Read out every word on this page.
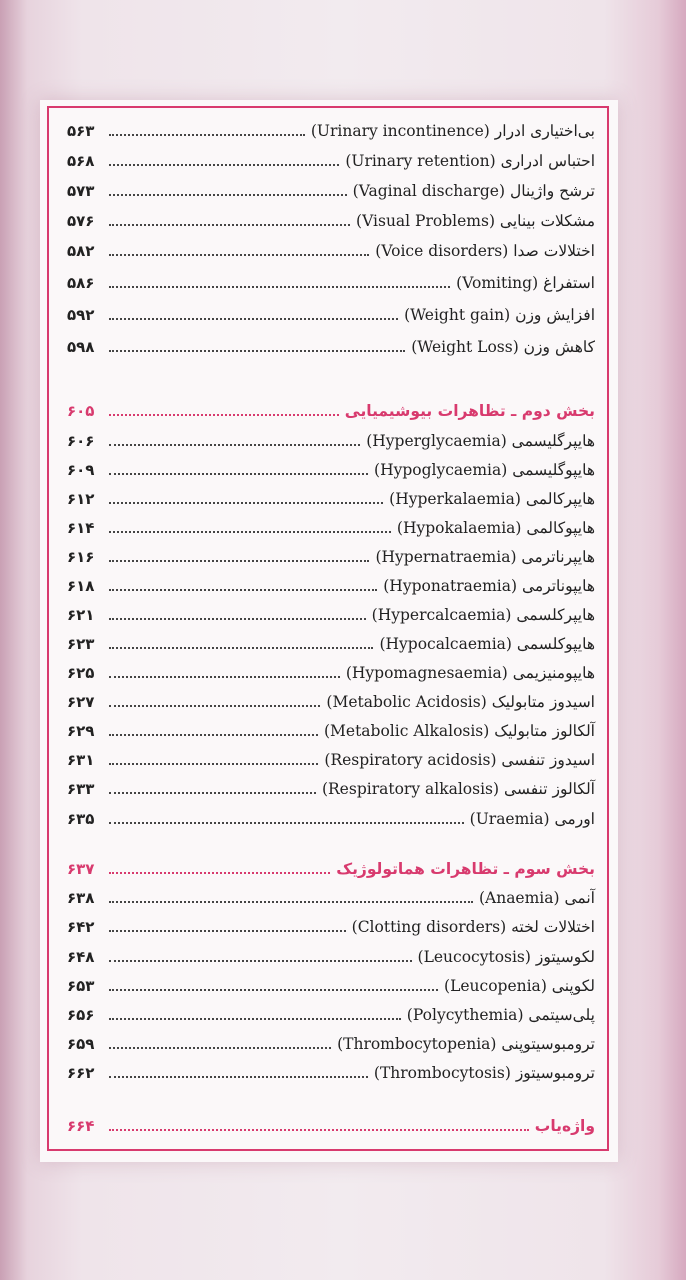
بی‌اختیاری ادرار (Urinary incontinence)
۵۶۳
احتباس ادراری (Urinary retention)
۵۶۸
ترشح واژینال (Vaginal discharge)
۵۷۳
مشکلات بینایی (Visual Problems)
۵۷۶
اختلالات صدا (Voice disorders)
۵۸۲
استفراغ (Vomiting)
۵۸۶
افزایش وزن (Weight gain)
۵۹۲
کاهش وزن (Weight Loss)
۵۹۸
بخش دوم ـ تظاهرات بیوشیمیایی
۶۰۵
هایپرگلیسمی (Hyperglycaemia)
۶۰۶
هایپوگلیسمی (Hypoglycaemia)
۶۰۹
هایپرکالمی (Hyperkalaemia)
۶۱۲
هایپوکالمی (Hypokalaemia)
۶۱۴
هایپرناترمی (Hypernatraemia)
۶۱۶
هایپوناترمی (Hyponatraemia)
۶۱۸
هایپرکلسمی (Hypercalcaemia)
۶۲۱
هایپوکلسمی (Hypocalcaemia)
۶۲۳
هایپومنیزیمی (Hypomagnesaemia)
۶۲۵
اسیدوز متابولیک (Metabolic Acidosis)
۶۲۷
آلکالوز متابولیک (Metabolic Alkalosis)
۶۲۹
اسیدوز تنفسی (Respiratory acidosis)
۶۳۱
آلکالوز تنفسی (Respiratory alkalosis)
۶۳۳
اورمی (Uraemia)
۶۳۵
بخش سوم ـ تظاهرات هماتولوژیک
۶۳۷
آنمی (Anaemia)
۶۳۸
اختلالات لخته (Clotting disorders)
۶۴۲
لکوسیتوز (Leucocytosis)
۶۴۸
لکوپنی (Leucopenia)
۶۵۳
پلی‌سیتمی (Polycythemia)
۶۵۶
ترومبوسیتوپنی (Thrombocytopenia)
۶۵۹
ترومبوسیتوز (Thrombocytosis)
۶۶۲
واژه‌یاب
۶۶۴
